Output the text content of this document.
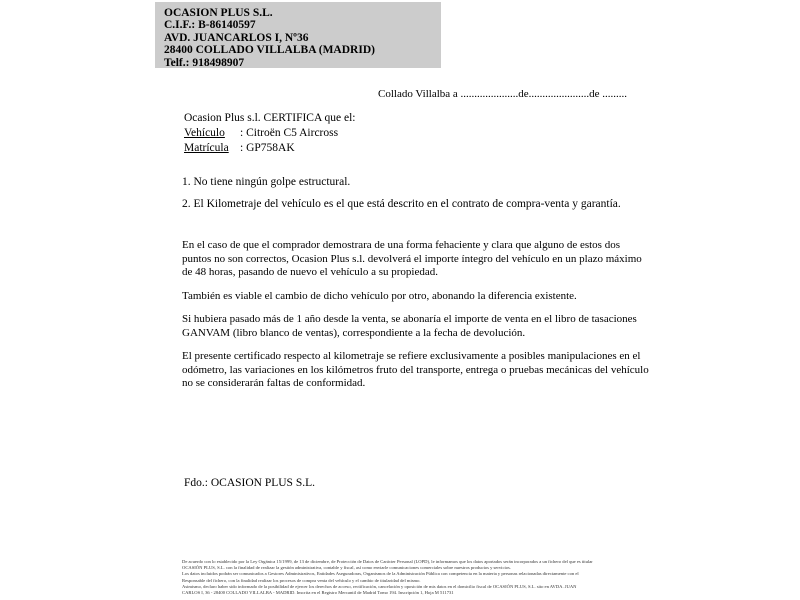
OCASION PLUS S.L.
C.I.F.: B-86140597
AVD. JUANCARLOS I, Nº36
28400 COLLADO VILLALBA (MADRID)
Telf.: 918498907
Collado Villalba a .....................de......................de .........
Ocasion Plus s.l. CERTIFICA que el:
Vehículo : Citroën C5 Aircross
Matrícula : GP758AK
1. No tiene ningún golpe estructural.
2. El Kilometraje del vehículo es el que está descrito en el contrato de compra-venta y garantía.

En el caso de que el comprador demostrara de una forma fehaciente y clara que alguno de estos dos puntos no son correctos, Ocasion Plus s.l. devolverá el importe íntegro del vehículo en un plazo máximo de 48 horas, pasando de nuevo el vehículo a su propiedad.

También es viable el cambio de dicho vehículo por otro, abonando la diferencia existente.

Si hubiera pasado más de 1 año desde la venta, se abonaría el importe de venta en el libro de tasaciones GANVAM (libro blanco de ventas), correspondiente a la fecha de devolución.

El presente certificado respecto al kilometraje se refiere exclusivamente a posibles manipulaciones en el odómetro, las variaciones en los kilómetros fruto del transporte, entrega o pruebas mecánicas del vehículo no se considerarán faltas de conformidad.

Fdo.: OCASION PLUS S.L.
De acuerdo con lo establecido por la Ley Orgánica 15/1999, de 13 de diciembre, de Protección de Datos de Carácter Personal (LOPD), le informamos que los datos aportados serán incorporados a un fichero del que es titular
OCASIÓN PLUS, S.L. con la finalidad de realizar la gestión administrativa, contable y fiscal, así como enviarle comunicaciones comerciales sobre nuestros productos y servicios.
Los datos incluidos podrán ser comunicados a Gestores Administrativos, Entidades Aseguradoras, Organismos de la Administración Pública con competencia en la materia y personas relacionadas directamente con el
Responsable del fichero, con la finalidad realizar los procesos de compra venta del vehículo y el cambio de titularidad del mismo.
Asimismo, declaro haber sido informado de la posibilidad de ejercer los derechos de acceso, rectificación, cancelación y oposición de mis datos en el domicilio fiscal de OCASIÓN PLUS, S.L. sito en AVDA. JUAN
CARLOS I, 36 - 28400 COLLADO VILLALBA - MADRID. Inscrita en el Registro Mercantil de Madrid Tomo 194. Inscripción 1, Hoja M 511731
